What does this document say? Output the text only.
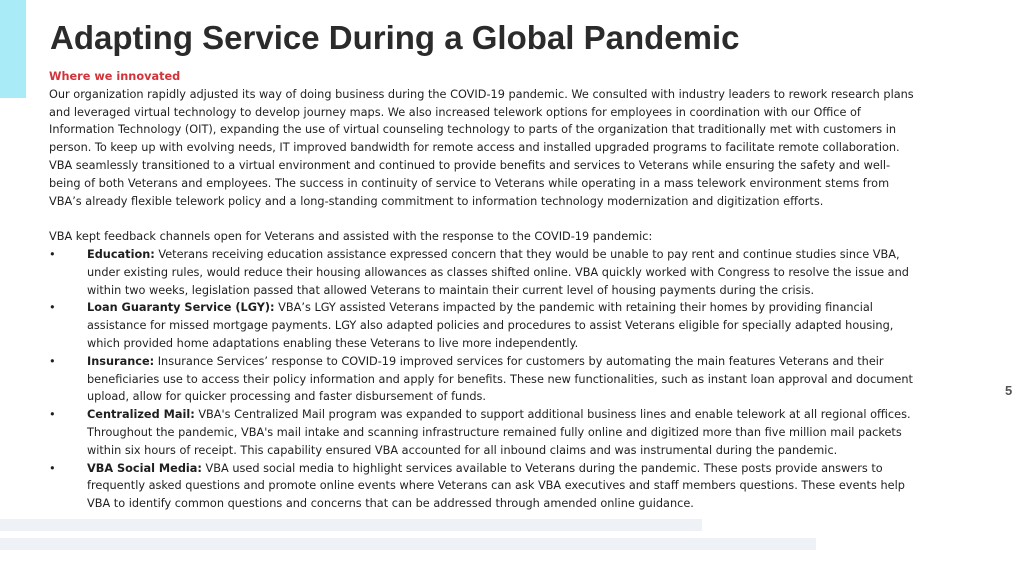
Adapting Service During a Global Pandemic

Where we innovated

Our organization rapidly adjusted its way of doing business during the COVID-19 pandemic. We consulted with industry leaders to rework research plans and leveraged virtual technology to develop journey maps. We also increased telework options for employees in coordination with our Office of Information Technology (OIT), expanding the use of virtual counseling technology to parts of the organization that traditionally met with customers in person. To keep up with evolving needs, IT improved bandwidth for remote access and installed upgraded programs to facilitate remote collaboration. VBA seamlessly transitioned to a virtual environment and continued to provide benefits and services to Veterans while ensuring the safety and well-being of both Veterans and employees. The success in continuity of service to Veterans while operating in a mass telework environment stems from VBA’s already flexible telework policy and a long-standing commitment to information technology modernization and digitization efforts.

VBA kept feedback channels open for Veterans and assisted with the response to the COVID-19 pandemic:

•	Education: Veterans receiving education assistance expressed concern that they would be unable to pay rent and continue studies since VBA, under existing rules, would reduce their housing allowances as classes shifted online. VBA quickly worked with Congress to resolve the issue and within two weeks, legislation passed that allowed Veterans to maintain their current level of housing payments during the crisis.
•	Loan Guaranty Service (LGY): VBA’s LGY assisted Veterans impacted by the pandemic with retaining their homes by providing financial assistance for missed mortgage payments. LGY also adapted policies and procedures to assist Veterans eligible for specially adapted housing, which provided home adaptations enabling these Veterans to live more independently.
•	Insurance: Insurance Services’ response to COVID-19 improved services for customers by automating the main features Veterans and their beneficiaries use to access their policy information and apply for benefits. These new functionalities, such as instant loan approval and document upload, allow for quicker processing and faster disbursement of funds.
•	Centralized Mail: VBA's Centralized Mail program was expanded to support additional business lines and enable telework at all regional offices. Throughout the pandemic, VBA's mail intake and scanning infrastructure remained fully online and digitized more than five million mail packets within six hours of receipt. This capability ensured VBA accounted for all inbound claims and was instrumental during the pandemic.
•	VBA Social Media: VBA used social media to highlight services available to Veterans during the pandemic. These posts provide answers to frequently asked questions and promote online events where Veterans can ask VBA executives and staff members questions. These events help VBA to identify common questions and concerns that can be addressed through amended online guidance.
5
